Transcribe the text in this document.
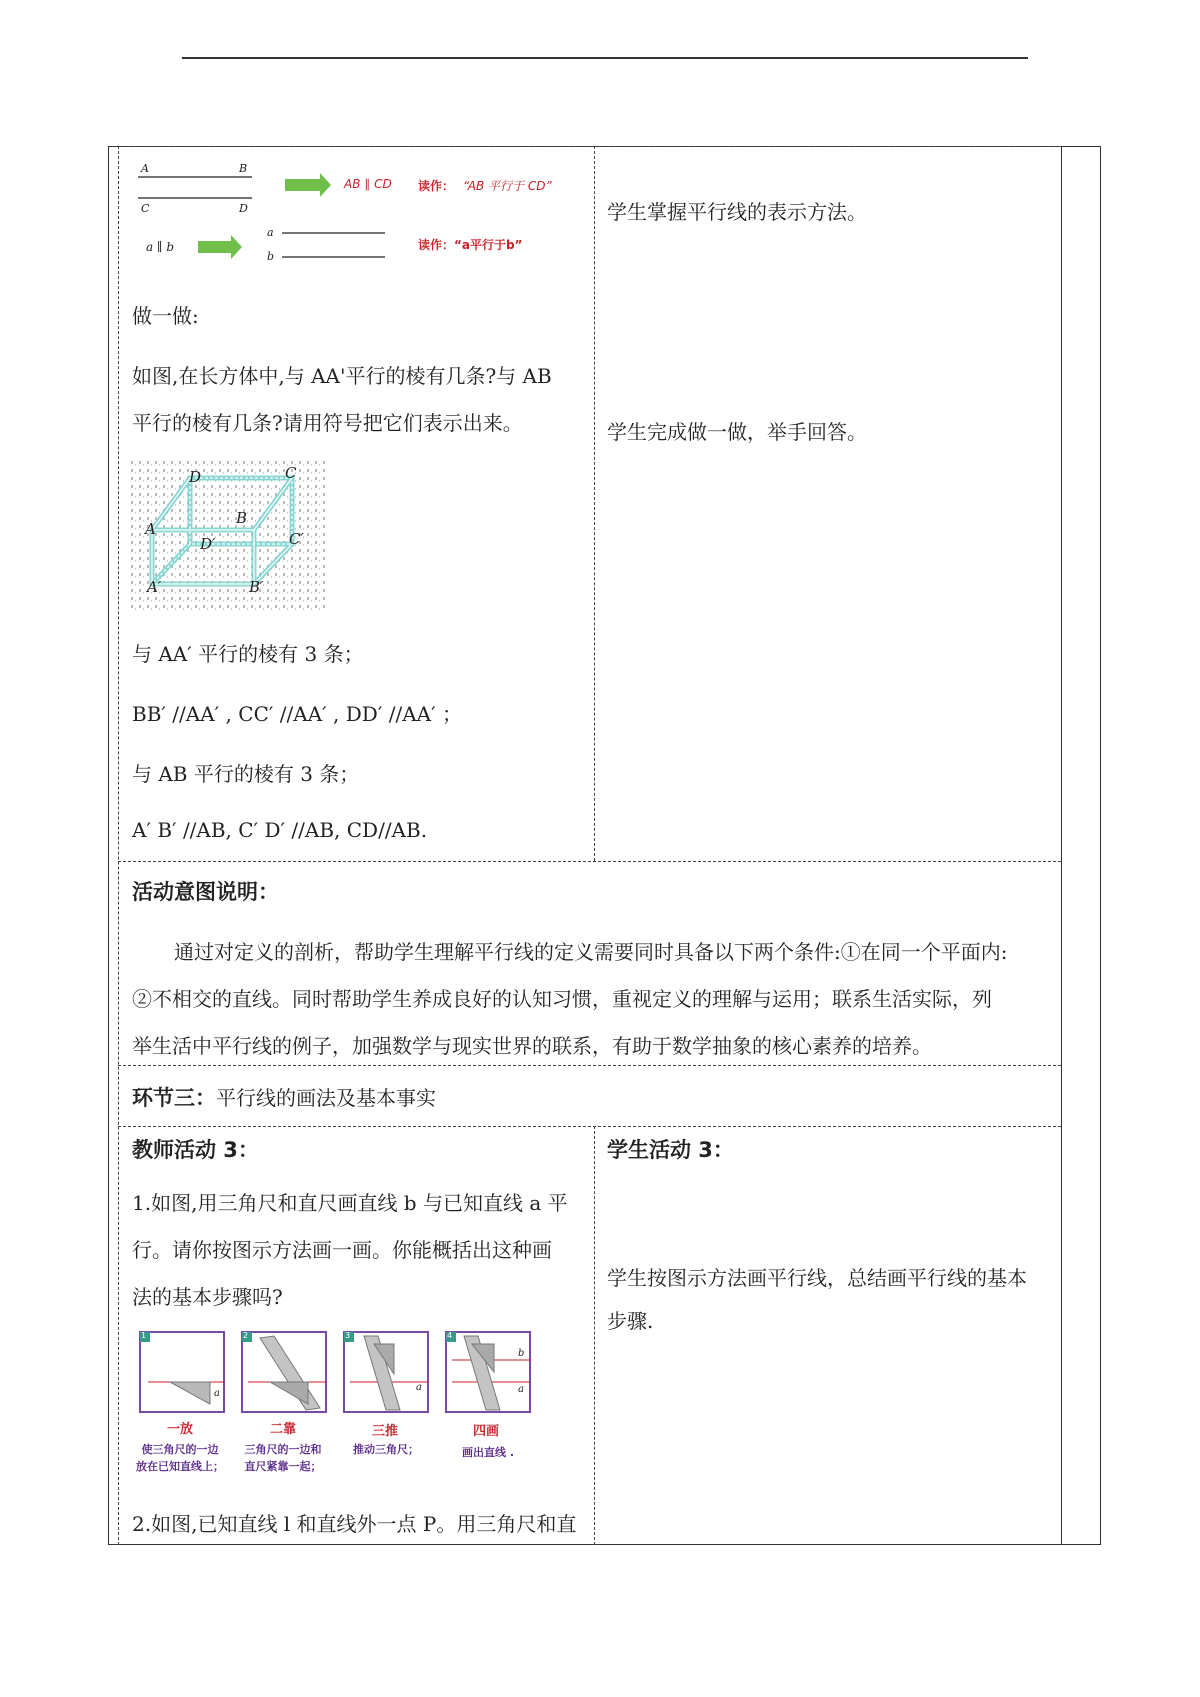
A	B
C	D
AB ∥ CD 读作： “AB 平行于 CD”
a ∥ b
a
b
读作：“a平行于b”
做一做:
如图,在长方体中,与 AA'平行的棱有几条?与 AB
平行的棱有几条?请用符号把它们表示出来。
D	C
B
A
D′	C′
A′	B′
与 AA′ 平行的棱有 3 条；
BB′ //AA′ , CC′ //AA′ , DD′ //AA′ ；
与 AB 平行的棱有 3 条；
A′ B′ //AB, C′ D′ //AB, CD//AB.
学生掌握平行线的表示方法。
学生完成做一做，举手回答。
活动意图说明：
通过对定义的剖析，帮助学生理解平行线的定义需要同时具备以下两个条件:①在同一个平面内:
②不相交的直线。同时帮助学生养成良好的认知习惯，重视定义的理解与运用；联系生活实际，列
举生活中平行线的例子，加强数学与现实世界的联系，有助于数学抽象的核心素养的培养。
环节三：平行线的画法及基本事实
教师活动 3：
1.如图,用三角尺和直尺画直线 b 与已知直线 a 平
行。请你按图示方法画一画。你能概括出这种画
法的基本步骤吗?
a
a
b
a
1	2	3	4
一放	二靠	三推	四画
使三角尺的一边
放在已知直线上；
三角尺的一边和
直尺紧靠一起；
推动三角尺；	画出直线 .
2.如图,已知直线 l 和直线外一点 P。用三角尺和直
学生活动 3：
学生按图示方法画平行线，总结画平行线的基本
步骤.
